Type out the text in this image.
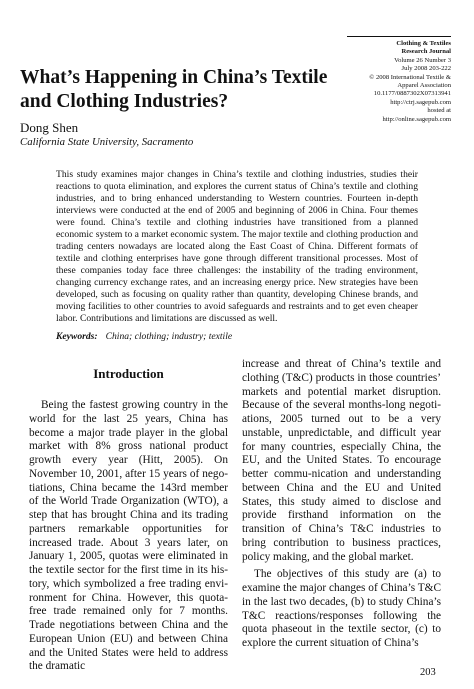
Clothing & Textiles
Research Journal
Volume 26 Number 3
July 2008 203-222
© 2008 International Textile &
Apparel Association
10.1177/0887302X07313941
http://ctrj.sagepub.com
hosted at
http://online.sagepub.com
What’s Happening in China’s Textile and Clothing Industries?
Dong Shen
California State University, Sacramento

This study examines major changes in China’s textile and clothing industries, studies their reactions to quota elimination, and explores the current status of China’s textile and clothing industries, and to bring enhanced understanding to Western countries. Fourteen in-depth interviews were conducted at the end of 2005 and beginning of 2006 in China. Four themes were found. China’s textile and clothing industries have transitioned from a planned economic system to a market economic system. The major textile and clothing production and trading centers nowadays are located along the East Coast of China. Different formats of textile and clothing enterprises have gone through different transitional processes. Most of these companies today face three challenges: the instability of the trading environment, changing currency exchange rates, and an increasing energy price. New strategies have been developed, such as focusing on quality rather than quantity, developing Chinese brands, and moving facilities to other countries to avoid safeguards and restraints and to get even cheaper labor. Contributions and limitations are discussed as well.

Keywords: China; clothing; industry; textile
Introduction

Being the fastest growing country in the world for the last 25 years, China has become a major trade player in the global market with 8% gross national product growth every year (Hitt, 2005). On November 10, 2001, after 15 years of nego-tiations, China became the 143rd member of the World Trade Organization (WTO), a step that has brought China and its trading partners remarkable opportunities for increased trade. About 3 years later, on January 1, 2005, quotas were eliminated in the textile sector for the first time in its his-tory, which symbolized a free trading envi-ronment for China. However, this quota-free trade remained only for 7 months. Trade negotiations between China and the European Union (EU) and between China and the United States were held to address the dramatic

increase and threat of China’s textile and clothing (T&C) products in those countries’ markets and potential market disruption. Because of the several months-long negoti-ations, 2005 turned out to be a very unstable, unpredictable, and difficult year for many countries, especially China, the EU, and the United States. To encourage better commu-nication and understanding between China and the EU and United States, this study aimed to disclose and provide firsthand information on the transition of China’s T&C industries to bring contribution to business practices, policy making, and the global market.

The objectives of this study are (a) to examine the major changes of China’s T&C in the last two decades, (b) to study China’s T&C reactions/responses following the quota phaseout in the textile sector, (c) to explore the current situation of China’s

203
